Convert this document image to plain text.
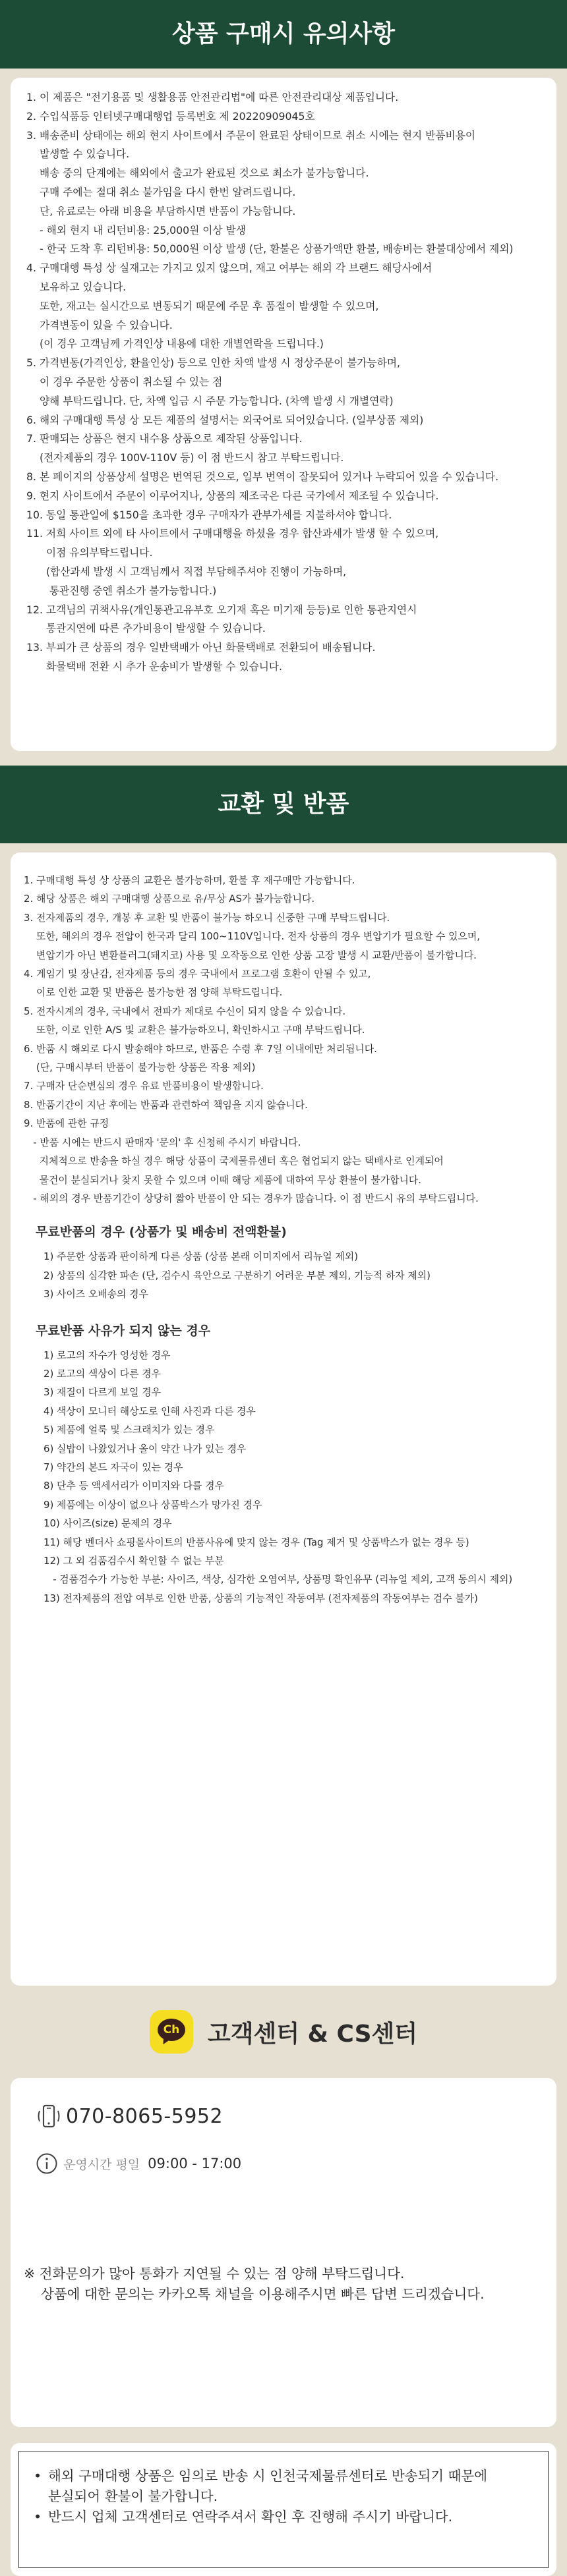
상품 구매시 유의사항
1. 이 제품은 "전기용품 및 생활용품 안전관리법"에 따른 안전관리대상 제품입니다.
2. 수입식품등 인터넷구매대행업 등록번호 제 20220909045호
3. 배송준비 상태에는 해외 현지 사이트에서 주문이 완료된 상태이므로 취소 시에는 현지 반품비용이
발생할 수 있습니다.
배송 중의 단계에는 해외에서 출고가 완료된 것으로 최소가 불가능합니다.
구매 주에는 절대 취소 불가임을 다시 한번 알려드립니다.
단, 유료로는 아래 비용을 부담하시면 반품이 가능합니다.
- 해외 현지 내 리턴비용: 25,000원 이상 발생
- 한국 도착 후 리턴비용: 50,000원 이상 발생 (단, 환불은 상품가액만 환불, 배송비는 환불대상에서 제외)
4. 구매대행 특성 상 실재고는 가지고 있지 않으며, 재고 여부는 해외 각 브랜드 해당사에서
보유하고 있습니다.
또한, 재고는 실시간으로 변동되기 때문에 주문 후 품절이 발생할 수 있으며,
가격변동이 있을 수 있습니다.
(이 경우 고객님께 가격인상 내용에 대한 개별연락을 드립니다.)
5. 가격변동(가격인상, 환율인상) 등으로 인한 차액 발생 시 정상주문이 불가능하며,
이 경우 주문한 상품이 취소될 수 있는 점
양해 부탁드립니다. 단, 차액 입금 시 주문 가능합니다. (차액 발생 시 개별연락)
6. 해외 구매대행 특성 상 모든 제품의 설명서는 외국어로 되어있습니다. (일부상품 제외)
7. 판매되는 상품은 현지 내수용 상품으로 제작된 상품입니다.
(전자제품의 경우 100V-110V 등) 이 점 반드시 참고 부탁드립니다.
8. 본 페이지의 상품상세 설명은 번역된 것으로, 일부 번역이 잘못되어 있거나 누락되어 있을 수 있습니다.
9. 현지 사이트에서 주문이 이루어지나, 상품의 제조국은 다른 국가에서 제조될 수 있습니다.
10. 동일 통관일에 $150을 초과한 경우 구매자가 관부가세를 지불하셔야 합니다.
11. 저희 사이트 외에 타 사이트에서 구매대행을 하셨을 경우 합산과세가 발생 할 수 있으며,
이점 유의부탁드립니다.
(합산과세 발생 시 고객님께서 직접 부담해주셔야 진행이 가능하며,
통관진행 중엔 취소가 불가능합니다.)
12. 고객님의 귀책사유(개인통관고유부호 오기재 혹은 미기재 등등)로 인한 통관지연시
통관지연에 따른 추가비용이 발생할 수 있습니다.
13. 부피가 큰 상품의 경우 일반택배가 아닌 화물택배로 전환되어 배송됩니다.
화물택배 전환 시 추가 운송비가 발생할 수 있습니다.
교환 및 반품
1. 구매대행 특성 상 상품의 교환은 불가능하며, 환불 후 재구매만 가능합니다.
2. 해당 상품은 해외 구매대행 상품으로 유/무상 AS가 불가능합니다.
3. 전자제품의 경우, 개봉 후 교환 및 반품이 불가능 하오니 신중한 구매 부탁드립니다.
또한, 해외의 경우 전압이 한국과 달리 100~110V입니다. 전자 상품의 경우 변압기가 필요할 수 있으며,
변압기가 아닌 변환플러그(돼지코) 사용 및 오작동으로 인한 상품 고장 발생 시 교환/반품이 불가합니다.
4. 게임기 및 장난감, 전자제품 등의 경우 국내에서 프로그램 호환이 안될 수 있고,
이로 인한 교환 및 반품은 불가능한 점 양해 부탁드립니다.
5. 전자시계의 경우, 국내에서 전파가 제대로 수신이 되지 않을 수 있습니다.
또한, 이로 인한 A/S 및 교환은 불가능하오니, 확인하시고 구매 부탁드립니다.
6. 반품 시 해외로 다시 발송해야 하므로, 반품은 수령 후 7일 이내에만 처리됩니다.
(단, 구매시부터 반품이 불가능한 상품은 작용 제외)
7. 구매자 단순변심의 경우 유료 반품비용이 발생합니다.
8. 반품기간이 지난 후에는 반품과 관련하여 책임을 지지 않습니다.
9. 반품에 관한 규정
- 반품 시에는 반드시 판매자 '문의' 후 신청해 주시기 바랍니다.
지체적으로 반송을 하실 경우 해당 상품이 국제물류센터 혹은 협업되지 않는 택배사로 인계되어
물건이 분실되거나 찾지 못할 수 있으며 이때 해당 제품에 대하여 무상 환불이 불가합니다.
- 해외의 경우 반품기간이 상당히 짧아 반품이 안 되는 경우가 많습니다. 이 점 반드시 유의 부탁드립니다.
무료반품의 경우 (상품가 및 배송비 전액환불)
1) 주문한 상품과 판이하게 다른 상품 (상품 본래 이미지에서 리뉴얼 제외)
2) 상품의 심각한 파손 (단, 검수시 육안으로 구분하기 어려운 부분 제외, 기능적 하자 제외)
3) 사이즈 오배송의 경우
무료반품 사유가 되지 않는 경우
1) 로고의 자수가 엉성한 경우
2) 로고의 색상이 다른 경우
3) 재질이 다르게 보일 경우
4) 색상이 모니터 해상도로 인해 사진과 다른 경우
5) 제품에 얼룩 및 스크래치가 있는 경우
6) 실밥이 나왔있거나 올이 약간 나가 있는 경우
7) 약간의 본드 자국이 있는 경우
8) 단추 등 액세서리가 이미지와 다를 경우
9) 제품에는 이상이 없으나 상품박스가 망가진 경우
10) 사이즈(size) 문제의 경우
11) 해당 벤더사 쇼핑몰사이트의 반품사유에 맞지 않는 경우 (Tag 제거 및 상품박스가 없는 경우 등)
12) 그 외 검품검수시 확인할 수 없는 부분
- 검품검수가 가능한 부분: 사이즈, 색상, 심각한 오염여부, 상품명 확인유무 (리뉴얼 제외, 고객 동의시 제외)
13) 전자제품의 전압 여부로 인한 반품, 상품의 기능적인 작동여부 (전자제품의 작동여부는 검수 불가)
Ch 고객센터 & CS센터
070-8065-5952
운영시간 평일 09:00 - 17:00
※ 전화문의가 많아 통화가 지연될 수 있는 점 양해 부탁드립니다.
상품에 대한 문의는 카카오톡 채널을 이용해주시면 빠른 답변 드리겠습니다.
• 해외 구매대행 상품은 임의로 반송 시 인천국제물류센터로 반송되기 때문에
분실되어 환불이 불가합니다.
• 반드시 업체 고객센터로 연락주셔서 확인 후 진행해 주시기 바랍니다.
